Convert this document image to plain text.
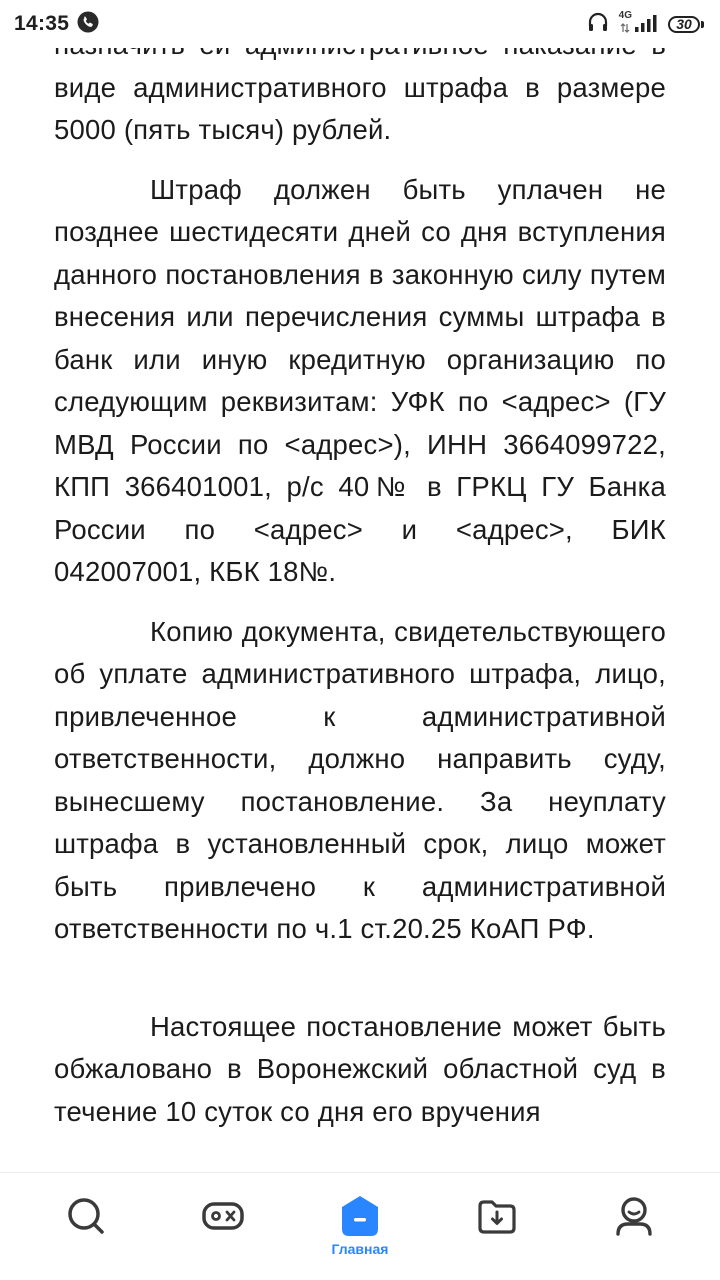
14:35	4G
30

виде административного штрафа в размере 5000 (пять тысяч) рублей.

Штраф должен быть уплачен не позднее шестидесяти дней со дня вступления данного постановления в законную силу путем внесения или перечисления суммы штрафа в банк или иную кредитную организацию по следующим реквизитам: УФК по <адрес> (ГУ МВД России по <адрес>), ИНН 3664099722, КПП 366401001, р/с 40№ в ГРКЦ ГУ Банка России по <адрес> и <адрес>, БИК 042007001, КБК 18№.

Копию документа, свидетельствующего об уплате административного штрафа, лицо, привлеченное к административной ответственности, должно направить суду, вынесшему постановление. За неуплату штрафа в установленный срок, лицо может быть привлечено к административной ответственности по ч.1 ст.20.25 КоАП РФ.

Настоящее постановление может быть обжаловано в Воронежский областной суд в течение 10 суток со дня его вручения

Главная
